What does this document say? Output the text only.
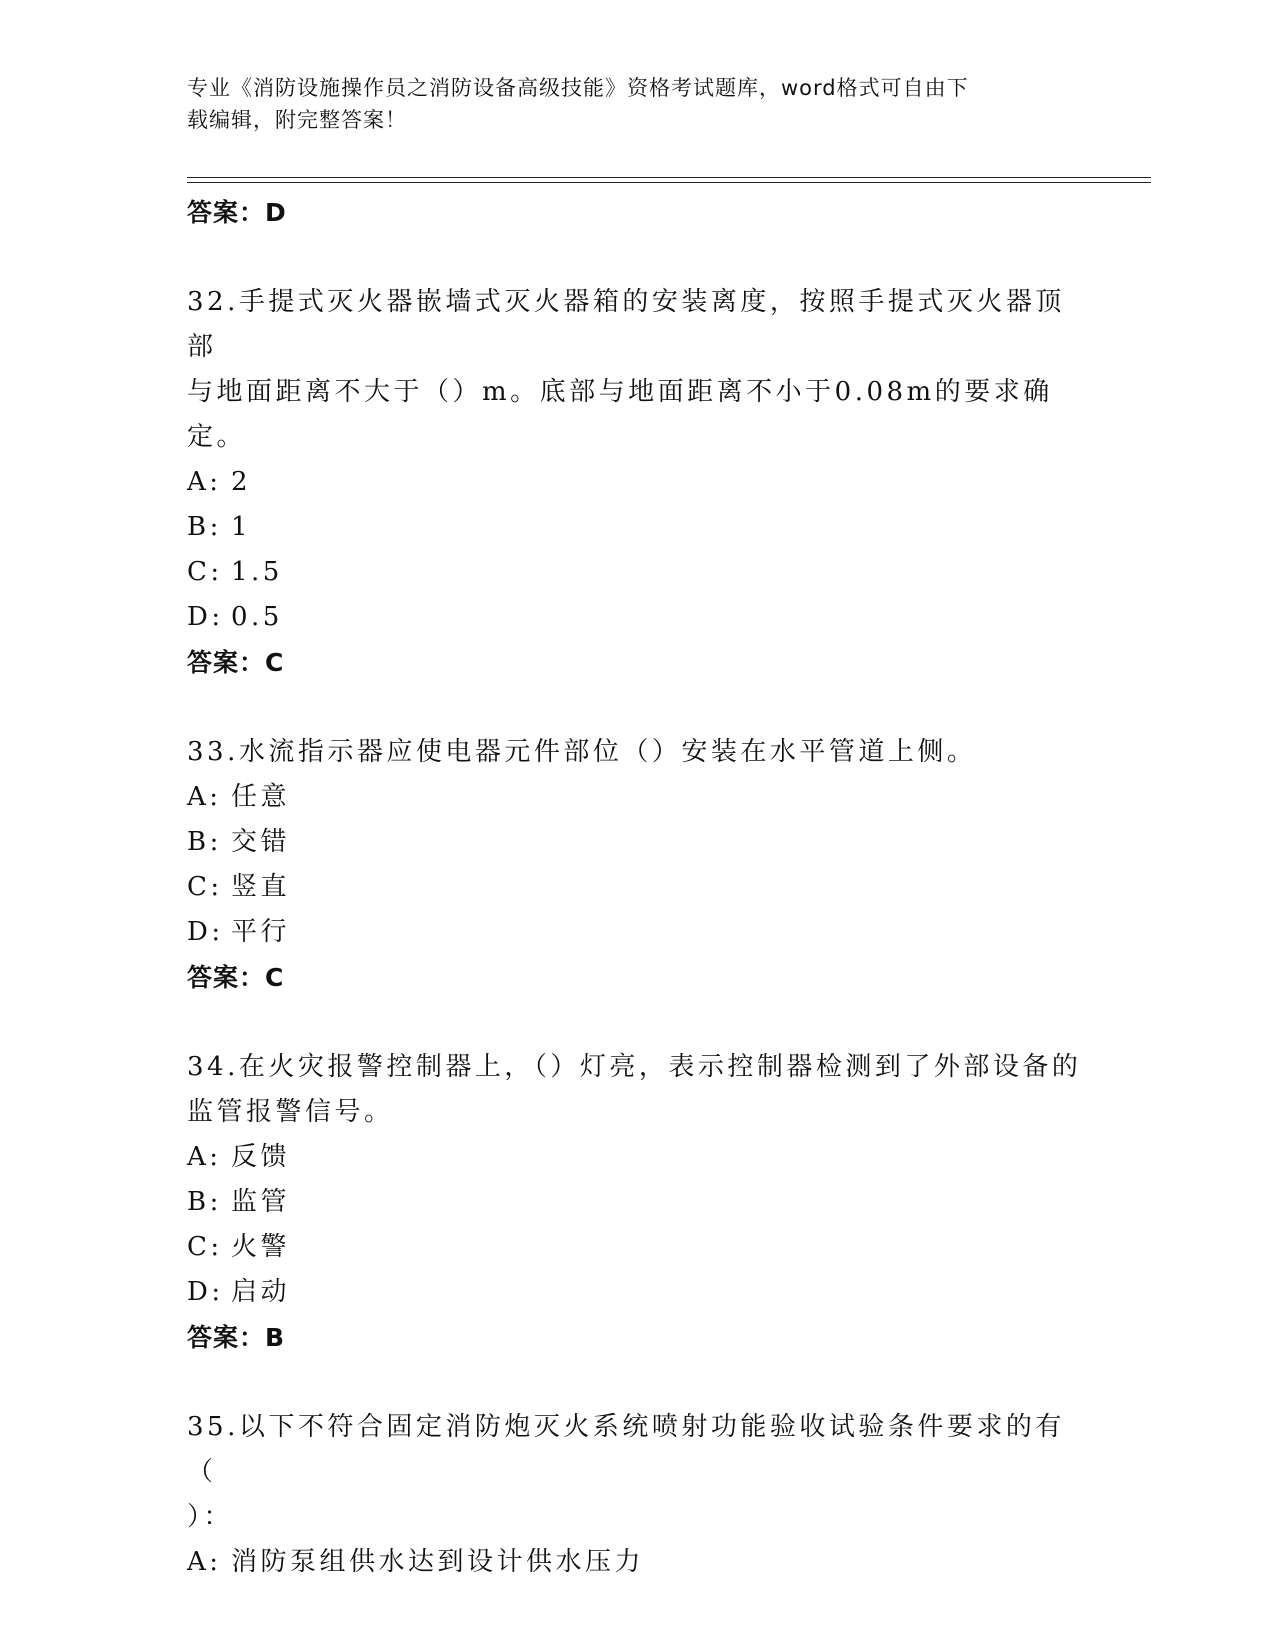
专业《消防设施操作员之消防设备高级技能》资格考试题库，word格式可自由下
载编辑，附完整答案！
答案：D
32.手提式灭火器嵌墙式灭火器箱的安装离度，按照手提式灭火器顶部
与地面距离不大于（）m。底部与地面距离不小于0.08m的要求确定。
A: 2
B: 1
C: 1.5
D: 0.5
答案：C
33.水流指示器应使电器元件部位（）安装在水平管道上侧。
A: 任意
B: 交错
C: 竖直
D: 平行
答案：C
34.在火灾报警控制器上，（）灯亮，表示控制器检测到了外部设备的
监管报警信号。
A: 反馈
B: 监管
C: 火警
D: 启动
答案：B
35.以下不符合固定消防炮灭火系统喷射功能验收试验条件要求的有（
）：
A: 消防泵组供水达到设计供水压力
